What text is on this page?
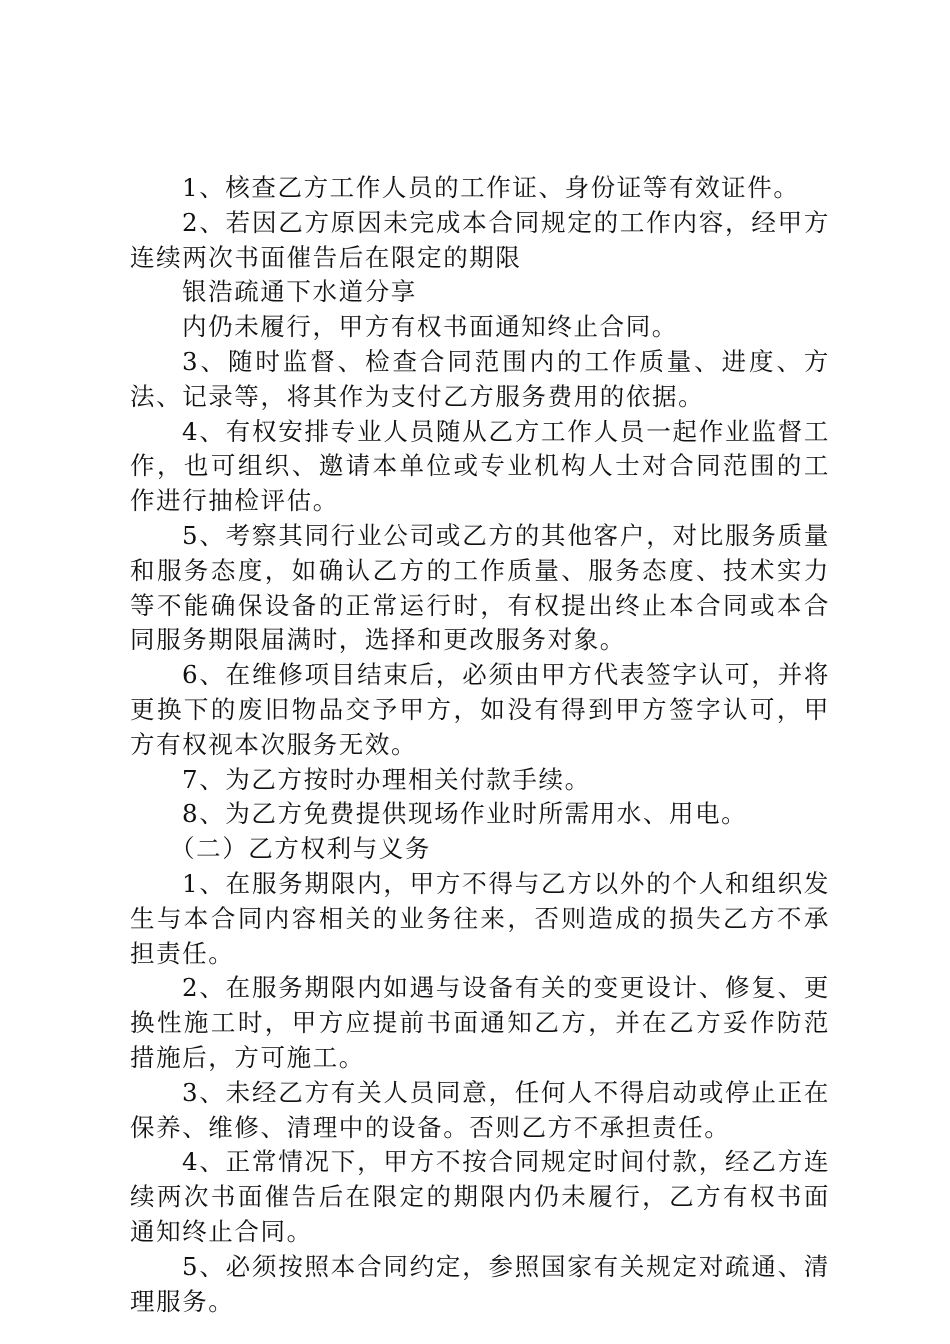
1、核查乙方工作人员的工作证、身份证等有效证件。

2、若因乙方原因未完成本合同规定的工作内容，经甲方连续两次书面催告后在限定的期限

银浩疏通下水道分享

内仍未履行，甲方有权书面通知终止合同。

3、随时监督、检查合同范围内的工作质量、进度、方法、记录等，将其作为支付乙方服务费用的依据。

4、有权安排专业人员随从乙方工作人员一起作业监督工作，也可组织、邀请本单位或专业机构人士对合同范围的工作进行抽检评估。

5、考察其同行业公司或乙方的其他客户，对比服务质量和服务态度，如确认乙方的工作质量、服务态度、技术实力等不能确保设备的正常运行时，有权提出终止本合同或本合同服务期限届满时，选择和更改服务对象。

6、在维修项目结束后，必须由甲方代表签字认可，并将更换下的废旧物品交予甲方，如没有得到甲方签字认可，甲方有权视本次服务无效。

7、为乙方按时办理相关付款手续。

8、为乙方免费提供现场作业时所需用水、用电。

（二）乙方权利与义务

1、在服务期限内，甲方不得与乙方以外的个人和组织发生与本合同内容相关的业务往来，否则造成的损失乙方不承担责任。

2、在服务期限内如遇与设备有关的变更设计、修复、更换性施工时，甲方应提前书面通知乙方，并在乙方妥作防范措施后，方可施工。

3、未经乙方有关人员同意，任何人不得启动或停止正在保养、维修、清理中的设备。否则乙方不承担责任。

4、正常情况下，甲方不按合同规定时间付款，经乙方连续两次书面催告后在限定的期限内仍未履行，乙方有权书面通知终止合同。

5、必须按照本合同约定，参照国家有关规定对疏通、清理服务。
